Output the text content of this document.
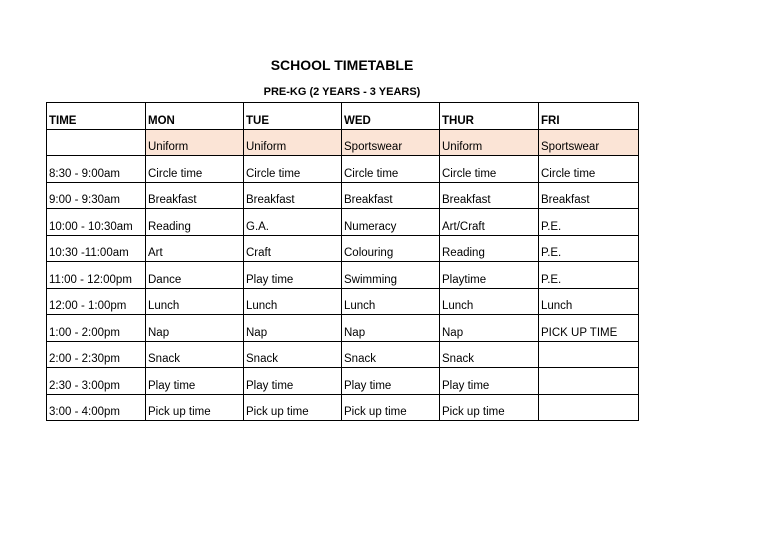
SCHOOL TIMETABLE
PRE-KG (2 YEARS - 3 YEARS)
TIME	MON	TUE	WED	THUR	FRI
	Uniform	Uniform	Sportswear	Uniform	Sportswear
8:30 - 9:00am	Circle time	Circle time	Circle time	Circle time	Circle time
9:00 - 9:30am	Breakfast	Breakfast	Breakfast	Breakfast	Breakfast
10:00 - 10:30am	Reading	G.A.	Numeracy	Art/Craft	P.E.
10:30 -11:00am	Art	Craft	Colouring	Reading	P.E.
11:00 - 12:00pm	Dance	Play time	Swimming	Playtime	P.E.
12:00 - 1:00pm	Lunch	Lunch	Lunch	Lunch	Lunch
1:00 - 2:00pm	Nap	Nap	Nap	Nap	PICK UP TIME
2:00 - 2:30pm	Snack	Snack	Snack	Snack	
2:30 - 3:00pm	Play time	Play time	Play time	Play time	
3:00 - 4:00pm	Pick up time	Pick up time	Pick up time	Pick up time	
